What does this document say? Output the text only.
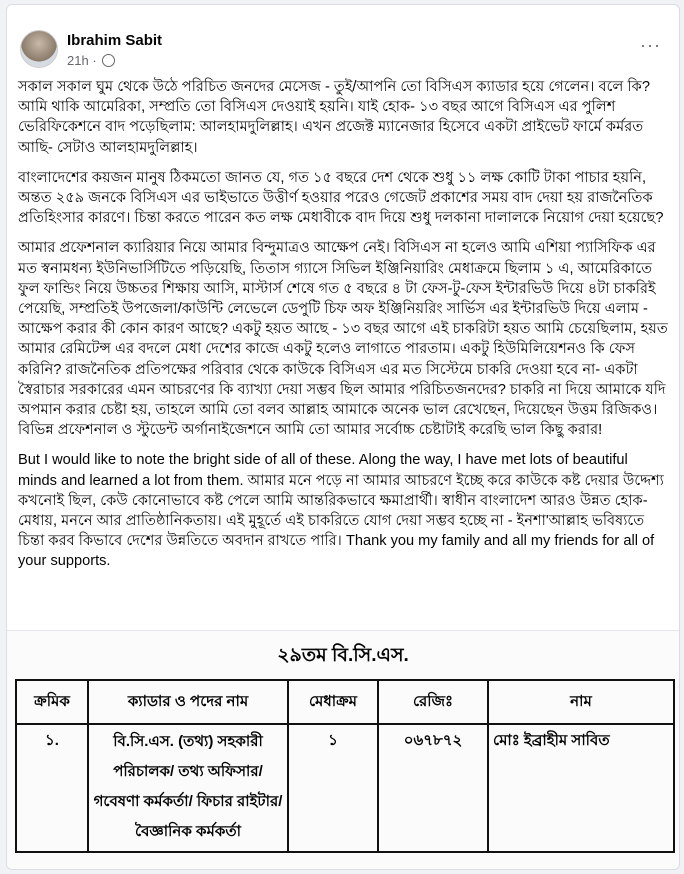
Ibrahim Sabit
21h ·
···

সকাল সকাল ঘুম থেকে উঠে পরিচিত জনদের মেসেজ - তুই/আপনি তো বিসিএস ক্যাডার হয়ে গেলেন। বলে কি? আমি থাকি আমেরিকা, সম্প্রতি তো বিসিএস দেওয়াই হয়নি। যাই হোক- ১৩ বছর আগে বিসিএস এর পুলিশ ভেরিফিকেশনে বাদ পড়েছিলাম: আলহামদুলিল্লাহ। এখন প্রজেক্ট ম্যানেজার হিসেবে একটা প্রাইভেট ফার্মে কর্মরত আছি- সেটাও আলহামদুলিল্লাহ।

বাংলাদেশের কয়জন মানুষ ঠিকমতো জানত যে, গত ১৫ বছরে দেশ থেকে শুধু ১১ লক্ষ কোটি টাকা পাচার হয়নি, অন্তত ২৫৯ জনকে বিসিএস এর ভাইভাতে উত্তীর্ণ হওয়ার পরেও গেজেট প্রকাশের সময় বাদ দেয়া হয় রাজনৈতিক প্রতিহিংসার কারণে। চিন্তা করতে পারেন কত লক্ষ মেধাবীকে বাদ দিয়ে শুধু দলকানা দালালকে নিয়োগ দেয়া হয়েছে?

আমার প্রফেশনাল ক্যারিয়ার নিয়ে আমার বিন্দুমাত্রও আক্ষেপ নেই। বিসিএস না হলেও আমি এশিয়া প্যাসিফিক এর মত স্বনামধন্য ইউনিভার্সিটিতে পড়িয়েছি, তিতাস গ্যাসে সিভিল ইঞ্জিনিয়ারিং মেধাক্রমে ছিলাম ১ এ, আমেরিকাতে ফুল ফান্ডিং নিয়ে উচ্চতর শিক্ষায় আসি, মাস্টার্স শেষে গত ৫ বছরে ৪ টা ফেস-টু-ফেস ইন্টারভিউ দিয়ে ৪টা চাকরিই পেয়েছি, সম্প্রতিই উপজেলা/কাউন্টি লেভেলে ডেপুটি চিফ অফ ইঞ্জিনিয়রিং সার্ভিস এর ইন্টারভিউ দিয়ে এলাম - আক্ষেপ করার কী কোন কারণ আছে? একটু হয়ত আছে - ১৩ বছর আগে এই চাকরিটা হয়ত আমি চেয়েছিলাম, হয়ত আমার রেমিটেন্স এর বদলে মেধা দেশের কাজে একটু হলেও লাগাতে পারতাম। একটু হিউমিলিয়েশনও কি ফেস করিনি? রাজনৈতিক প্রতিপক্ষের পরিবার থেকে কাউকে বিসিএস এর মত সিস্টেমে চাকরি দেওয়া হবে না- একটা স্বৈরাচার সরকারের এমন আচরণের কি ব্যাখ্যা দেয়া সম্ভব ছিল আমার পরিচিতজনদের? চাকরি না দিয়ে আমাকে যদি অপমান করার চেষ্টা হয়, তাহলে আমি তো বলব আল্লাহ আমাকে অনেক ভাল রেখেছেন, দিয়েছেন উত্তম রিজিকও। বিভিন্ন প্রফেশনাল ও স্টুডেন্ট অর্গানাইজেশনে আমি তো আমার সর্বোচ্চ চেষ্টাটাই করেছি ভাল কিছু করার!

But I would like to note the bright side of all of these. Along the way, I have met lots of beautiful minds and learned a lot from them. আমার মনে পড়ে না আমার আচরণে ইচ্ছে করে কাউকে কষ্ট দেয়ার উদ্দেশ্য কখনোই ছিল, কেউ কোনোভাবে কষ্ট পেলে আমি আন্তরিকভাবে ক্ষমাপ্রার্থী। স্বাধীন বাংলাদেশ আরও উন্নত হোক- মেধায়, মননে আর প্রাতিষ্ঠানিকতায়। এই মুহূর্তে এই চাকরিতে যোগ দেয়া সম্ভব হচ্ছে না - ইনশা'আল্লাহ ভবিষ্যতে চিন্তা করব কিভাবে দেশের উন্নতিতে অবদান রাখতে পারি। Thank you my family and all my friends for all of your supports.

২৯তম বি.সি.এস.
ক্রমিক	ক্যাডার ও পদের নাম	মেধাক্রম	রেজিঃ	নাম
১.	বি.সি.এস. (তথ্য) সহকারী পরিচালক/ তথ্য অফিসার/ গবেষণা কর্মকর্তা/ ফিচার রাইটার/ বৈজ্ঞানিক কর্মকর্তা	১	০৬৭৮৭২	মোঃ ইব্রাহীম সাবিত
